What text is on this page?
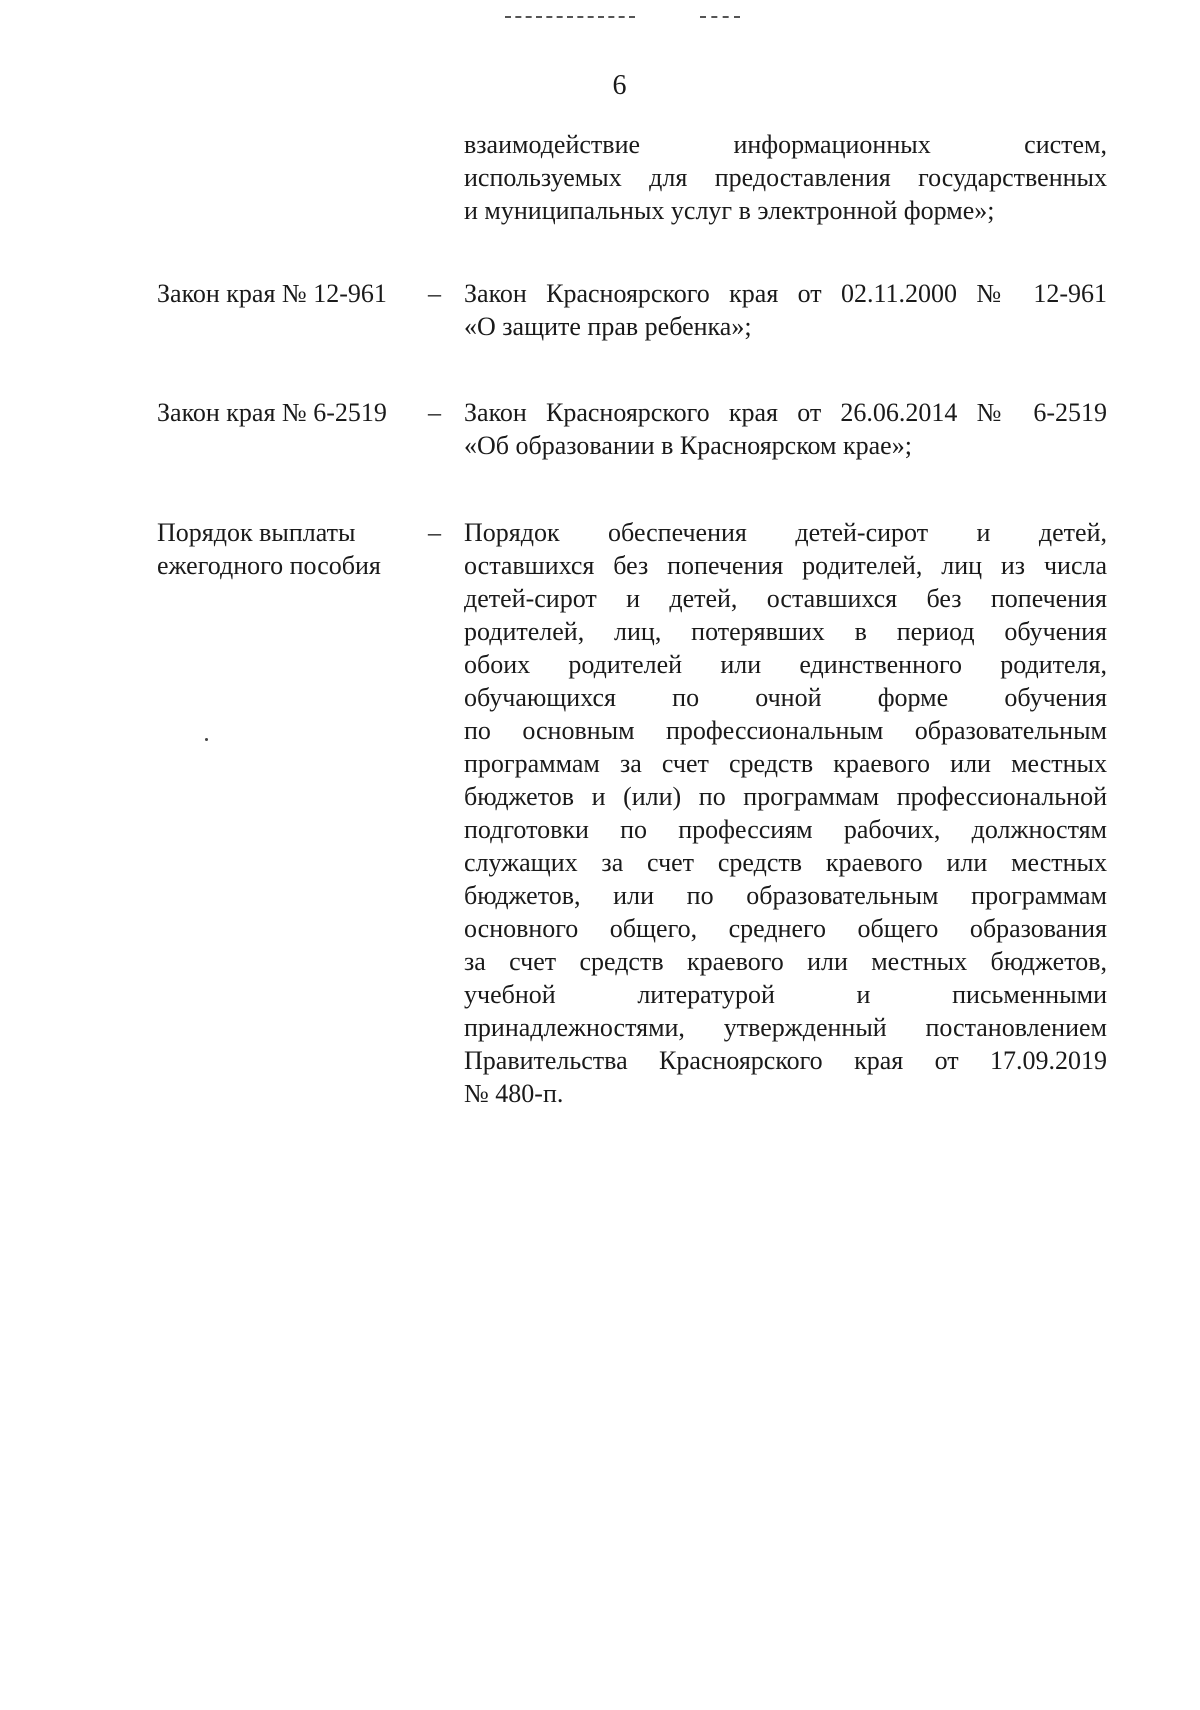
6
взаимодействие информационных систем,
используемых для предоставления государственных
и муниципальных услуг в электронной форме»;
Закон края № 12-961	– Закон Красноярского края от 02.11.2000 № 12-961
«О защите прав ребенка»;
Закон края № 6-2519	– Закон Красноярского края от 26.06.2014 № 6-2519
«Об образовании в Красноярском крае»;
Порядок выплаты ежегодного пособия
– Порядок обеспечения детей-сирот и детей,
оставшихся без попечения родителей, лиц из числа
детей-сирот и детей, оставшихся без попечения
родителей, лиц, потерявших в период обучения
обоих родителей или единственного родителя,
обучающихся по очной форме обучения
по основным профессиональным образовательным
программам за счет средств краевого или местных
бюджетов и (или) по программам профессиональной
подготовки по профессиям рабочих, должностям
служащих за счет средств краевого или местных
бюджетов, или по образовательным программам
основного общего, среднего общего образования
за счет средств краевого или местных бюджетов,
учебной литературой и письменными
принадлежностями, утвержденный постановлением
Правительства Красноярского края от 17.09.2019
№ 480-п.
